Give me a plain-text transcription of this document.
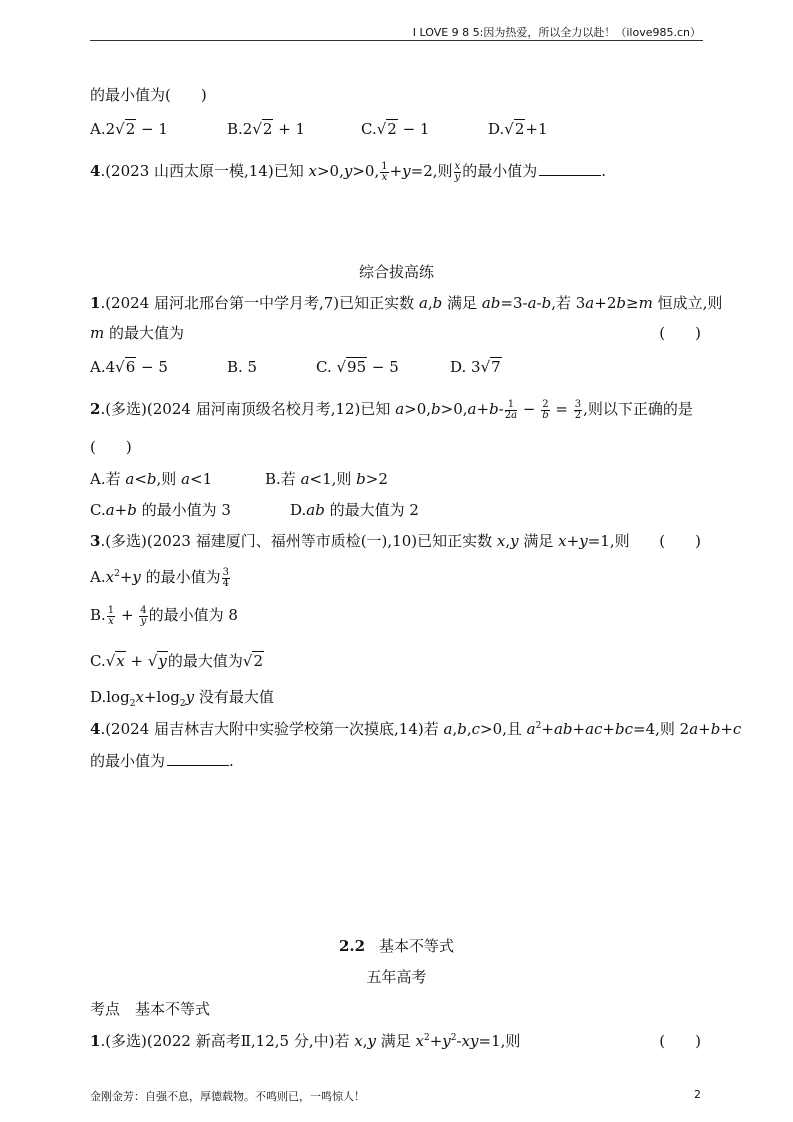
I LOVE 9 8 5:因为热爱，所以全力以赴！（ilove985.cn）
的最小值为(　　)
A.2√2 − 1	B.2√2 + 1	C.√2 − 1	D.√2+1
4.(2023 山西太原一模,14)已知 x>0,y>0, $\frac{1}{x} +y=2$,则 $\frac{x}{y}$ 的最小值为	.
综合拔高练
1.(2024 届河北邢台第一中学月考,7)已知正实数 a,b 满足 ab=3-a-b,若 3a+2b≥m 恒成立,则
m 的最大值为	(　　)
A.4√6 − 5	B. 5	C. √95 − 5	D. 3√7
2.(多选)(2024 届河南顶级名校月考,12)已知 $a>0,b>0,a+b- \frac{1}{2a} - \frac{2}{b} = \frac{3}{2}$ ,则以下正确的是
(　　)
A.若 a<b,则 a<1	B.若 a<1,则 b>2
C.a+b 的最小值为 3	D.ab 的最大值为 2
3.(多选)(2023 福建厦门、福州等市质检(一),10)已知正实数 x,y 满足 x+y=1,则 (　　)
$A.x^2+y$ 的最小值为 $\frac{3}{4}$
B. $\frac{1}{x} + \frac{4}{y}$ 的最小值为 8
C.√x + √y的最大值为√2
$D.\log_2x+\log_2y$ 没有最大值
4.(2024 届吉林吉大附中实验学校第一次摸底,14)若 a,b,c>0,且 $a^2+ab+ac+bc=4$,则 2a+b+c
的最小值为	.
2.2 基本不等式
五年高考
考点　基本不等式
1.(多选)(2022 新高考Ⅱ,12,5 分,中)若 x,y 满足 $x^2+y^2-xy=1$,则	(　　)
金刚金芳：自强不息，厚德载物。不鸣则已，一鸣惊人！	2
